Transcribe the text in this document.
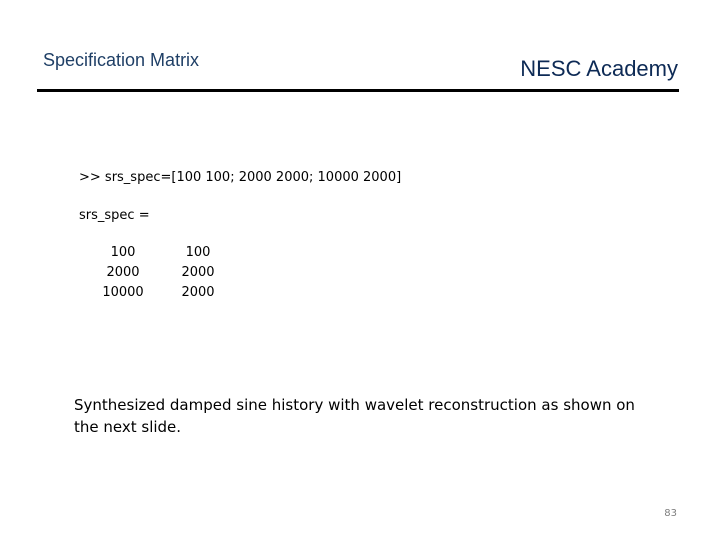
Specification Matrix	NESC Academy
>> srs_spec=[100 100; 2000 2000; 10000 2000]
srs_spec =
100	100
2000	2000
10000	2000
Synthesized damped sine history with wavelet reconstruction as shown on the next slide.
83
